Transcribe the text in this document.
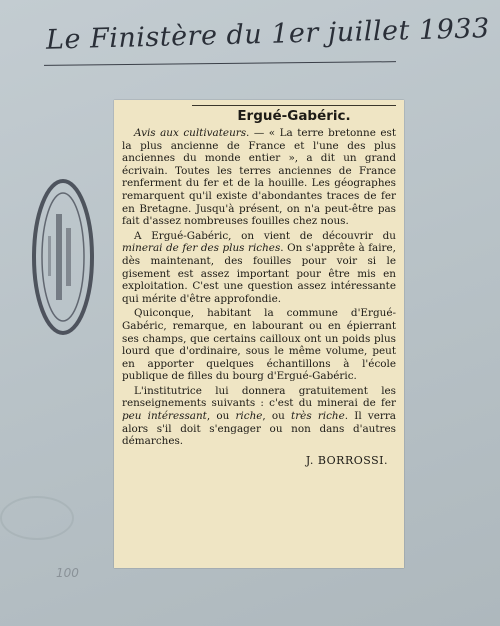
Le Finistère du 1er juillet 1933
Ergué-Gabéric.

Avis aux cultivateurs. — « La terre bretonne est la plus ancienne de France et l'une des plus anciennes du monde entier », a dit un grand écrivain. Toutes les terres anciennes de France renferment du fer et de la houille. Les géographes remarquent qu'il existe d'abondantes traces de fer en Bretagne. Jusqu'à présent, on n'a peut-être pas fait d'assez nombreuses fouilles chez nous.

A Ergué-Gabéric, on vient de découvrir du minerai de fer des plus riches. On s'apprête à faire, dès maintenant, des fouilles pour voir si le gisement est assez important pour être mis en exploitation. C'est une question assez intéressante qui mérite d'être approfondie.

Quiconque, habitant la commune d'Ergué-Gabéric, remarque, en labourant ou en épierrant ses champs, que certains cailloux ont un poids plus lourd que d'ordinaire, sous le même volume, peut en apporter quelques échantillons à l'école publique de filles du bourg d'Ergué-Gabéric.

L'institutrice lui donnera gratuitement les renseignements suivants : c'est du minerai de fer peu intéressant, ou riche, ou très riche. Il verra alors s'il doit s'engager ou non dans d'autres démarches.

J. BORROSSI.
100
